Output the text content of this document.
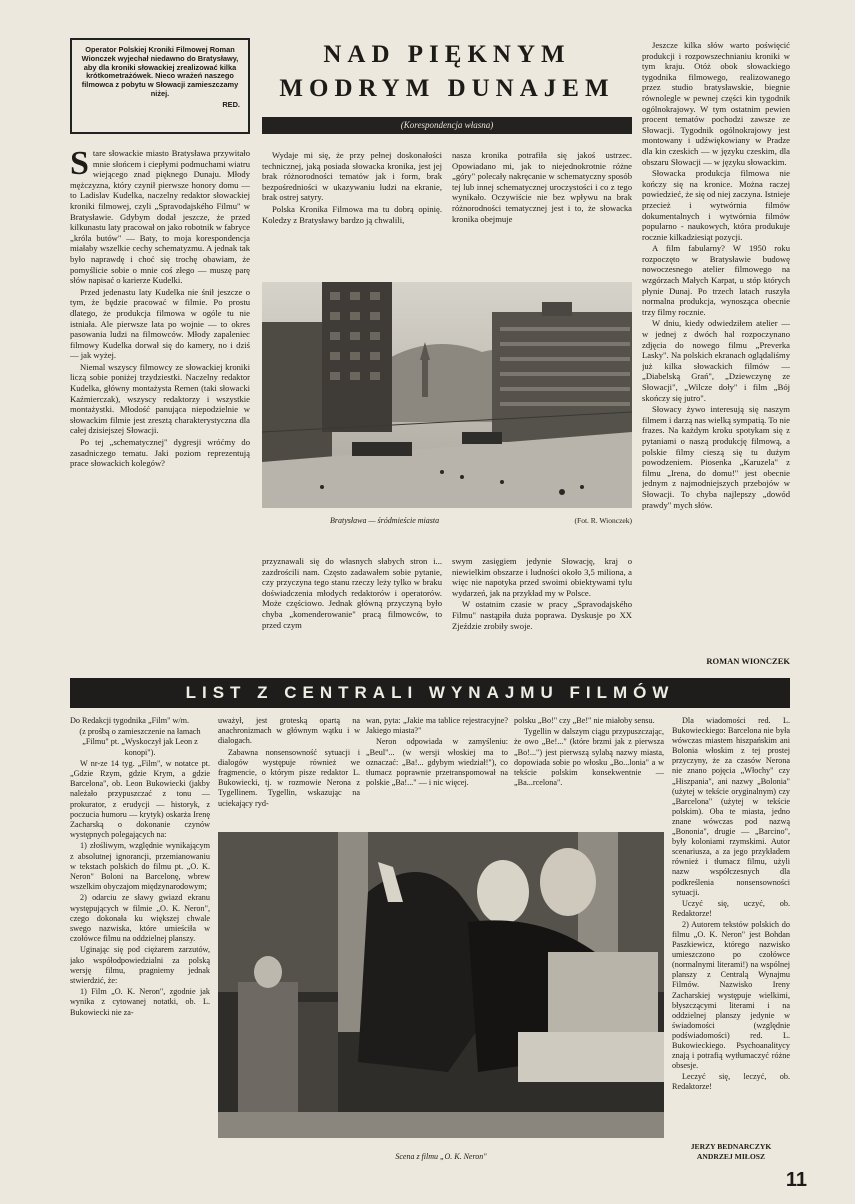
Operator Polskiej Kroniki Filmowej Roman Wionczek wyjechał niedawno do Bratysławy, aby dla kroniki słowackiej zrealizować kilka krótkometrażówek. Nieco wrażeń naszego filmowca z pobytu w Słowacji zamieszczamy niżej.
RED.
NAD PIĘKNYM
MODRYM DUNAJEM
(Korespondencja własna)

Stare słowackie miasto Bratysława przywitało mnie słońcem i ciepłymi podmuchami wiatru wiejącego znad pięknego Dunaju. Młody mężczyzna, który czynił pierwsze honory domu — to Ladislav Kudelka, naczelny redaktor słowackiej kroniki filmowej, czyli „Spravodajského Filmu" w Bratysławie. Gdybym dodał jeszcze, że przed kilkunastu laty pracował on jako robotnik w fabryce „króla butów" — Baty, to moja korespondencja miałaby wszelkie cechy schematyzmu. A jednak tak było naprawdę i choć się trochę obawiam, że pomyślicie sobie o mnie coś złego — muszę parę słów napisać o karierze Kudelki.

Przed jedenastu laty Kudelka nie śnił jeszcze o tym, że będzie pracować w filmie. Po prostu dlatego, że produkcja filmowa w ogóle tu nie istniała. Ale pierwsze lata po wojnie — to okres pasowania ludzi na filmowców. Młody zapaleniec filmowy Kudelka dorwał się do kamery, no i dziś — jak wyżej.

Niemal wszyscy filmowcy ze słowackiej kroniki liczą sobie poniżej trzydziestki. Naczelny redaktor Kudelka, główny montażysta Remen (taki słowacki Kaźmierczak), wszyscy redaktorzy i wszystkie montażystki. Młodość panująca niepodzielnie w słowackim filmie jest zresztą charakterystyczna dla całej dzisiejszej Słowacji.

Po tej „schematycznej" dygresji wróćmy do zasadniczego tematu. Jaki poziom reprezentują prace słowackich kolegów?

Wydaje mi się, że przy pełnej doskonałości technicznej, jaką posiada słowacka kronika, jest jej brak różnorodności tematów jak i form, brak bezpośredniości w ukazywaniu ludzi na ekranie, brak ostrej satyry.

Polska Kronika Filmowa ma tu dobrą opinię. Koledzy z Bratysławy bardzo ją chwalili,

nasza kronika potrafiła się jakoś ustrzec. Opowiadano mi, jak to niejednokrotnie różne „góry" polecały nakręcanie w schematyczny sposób tej lub innej schematycznej uroczystości i co z tego wynikało. Oczywiście nie bez wpływu na brak różnorodności tematycznej jest i to, że słowacka kronika obejmuje

Bratysława — śródmieście miasta	(Fot. R. Wionczek)

przyznawali się do własnych słabych stron i... zazdrościli nam. Często zadawałem sobie pytanie, czy przyczyna tego stanu rzeczy leży tylko w braku doświadczenia młodych redaktorów i operatorów. Może częściowo. Jednak główną przyczyną było chyba „komenderowanie" pracą filmowców, to przed czym

swym zasięgiem jedynie Słowację, kraj o niewielkim obszarze i ludności około 3,5 miliona, a więc nie napotyka przed swoimi obiektywami tylu wydarzeń, jak na przykład my w Polsce.

W ostatnim czasie w pracy „Spravodajského Filmu" nastąpiła duża poprawa. Dyskusje po XX Zjeździe zrobiły swoje.

Jeszcze kilka słów warto poświęcić produkcji i rozpowszechnianiu kroniki w tym kraju. Otóż obok słowackiego tygodnika filmowego, realizowanego przez studio bratysławskie, biegnie równolegle w pewnej części kin tygodnik ogólnokrajowy. W tym ostatnim pewien procent tematów pochodzi zawsze ze Słowacji. Tygodnik ogólnokrajowy jest montowany i udźwiękowiany w Pradze dla kin czeskich — w języku czeskim, dla obszaru Słowacji — w języku słowackim.

Słowacka produkcja filmowa nie kończy się na kronice. Można raczej powiedzieć, że się od niej zaczyna. Istnieje przecież i wytwórnia filmów dokumentalnych i wytwórnia filmów popularno - naukowych, która produkuje rocznie kilkadziesiąt pozycji.

A film fabularny? W 1950 roku rozpoczęto w Bratysławie budowę nowoczesnego atelier filmowego na wzgórzach Małych Karpat, u stóp których płynie Dunaj. Po trzech latach ruszyła normalna produkcja, wynosząca obecnie trzy filmy rocznie.

W dniu, kiedy odwiedziłem atelier — w jednej z dwóch hal rozpoczynano zdjęcia do nowego filmu „Preverka Lasky". Na polskich ekranach oglądaliśmy już kilka słowackich filmów — „Diabelską Grań", „Dziewczynę ze Słowacji", „Wilcze doły" i film „Bój skończy się jutro".

Słowacy żywo interesują się naszym filmem i darzą nas wielką sympatią. To nie frazes. Na każdym kroku spotykam się z pytaniami o naszą produkcję filmową, a polskie filmy cieszą się tu dużym powodzeniem. Piosenka „Karuzela" z filmu „Irena, do domu!" jest obecnie jednym z najmodniejszych przebojów w Słowacji. To chyba najlepszy „dowód prawdy" mych słów.

ROMAN WIONCZEK
LIST Z CENTRALI WYNAJMU FILMÓW

Do Redakcji tygodnika „Film" w/m.

(z prośbą o zamieszczenie na łamach „Filmu" pt. „Wyskoczył jak Leon z konopi").

W nr-ze 14 tyg. „Film", w notatce pt. „Gdzie Rzym, gdzie Krym, a gdzie Barcelona", ob. Leon Bukowiecki (jakby należało przypuszczać z tonu — prokurator, z erudycji — historyk, z poczucia humoru — krytyk) oskarża Irenę Zacharską o dokonanie czynów występnych polegających na:

1) złośliwym, względnie wynikającym z absolutnej ignorancji, przemianowaniu w tekstach polskich do filmu pt. „O. K. Neron" Boloni na Barcelonę, wbrew wszelkim obyczajom międzynarodowym;

2) odarciu ze sławy gwiazd ekranu występujących w filmie „O. K. Neron", czego dokonała ku większej chwale swego nazwiska, które umieściła w czołówce filmu na oddzielnej planszy.

Uginając się pod ciężarem zarzutów, jako współodpowiedzialni za polską wersję filmu, pragniemy jednak stwierdzić, że:

1) Film „O. K. Neron", zgodnie jak wynika z cytowanej notatki, ob. L. Bukowiecki nie za-

uważył, jest groteską opartą na anachronizmach w głównym wątku i w dialogach.

Zabawna nonsensowność sytuacji i dialogów występuje również we fragmencie, o którym pisze redaktor L. Bukowiecki, tj. w rozmowie Nerona z Tygellinem. Tygellin, wskazując na uciekający ryd-

wan, pyta: „Jakie ma tablice rejestracyjne? Jakiego miasta?"

Neron odpowiada w zamyśleniu: „Beul"... (w wersji włoskiej ma to oznaczać: „Ba!... gdybym wiedział!"), co tłumacz poprawnie przetranspomował na polskie „Ba!..." — i nic więcej.

polsku „Bo!" czy „Be!" nie miałoby sensu.

Tygellin w dalszym ciągu przypuszczając, że owo „Be!..." (które brzmi jak z pierwsza „Bo!...") jest pierwszą sylabą nazwy miasta, dopowiada sobie po włosku „Bo...lonia" a w tekście polskim konsekwentnie — „Ba...rcelona".

Scena z filmu „O. K. Neron"

Dla wiadomości red. L. Bukowieckiego: Barcelona nie była wówczas miastem hiszpańskim ani Bolonia włoskim z tej prostej przyczyny, że za czasów Nerona nie znano pojęcia „Włochy" czy „Hiszpania", ani nazwy „Bolonia" (użytej w tekście oryginalnym) czy „Barcelona" (użytej w tekście polskim). Oba te miasta, jedno znane wówczas pod nazwą „Bononia", drugie — „Barcino", były koloniami rzymskimi. Autor scenariusza, a za jego przykładem również i tłumacz filmu, użyli nazw współczesnych dla podkreślenia nonsensowności sytuacji.

Uczyć się, uczyć, ob. Redaktorze!

2) Autorem tekstów polskich do filmu „O. K. Neron" jest Bohdan Paszkiewicz, którego nazwisko umieszczono po czołówce (normalnymi literami!) na wspólnej planszy z Centralą Wynajmu Filmów. Nazwisko Ireny Zacharskiej występuje wielkimi, błyszczącymi literami i na oddzielnej planszy jedynie w świadomości (względnie podświadomości) red. L. Bukowieckiego. Psychoanalitycy znają i potrafią wytłumaczyć różne obsesje.

Leczyć się, leczyć, ob. Redaktorze!

JERZY BEDNARCZYK
ANDRZEJ MIŁOSZ
11
